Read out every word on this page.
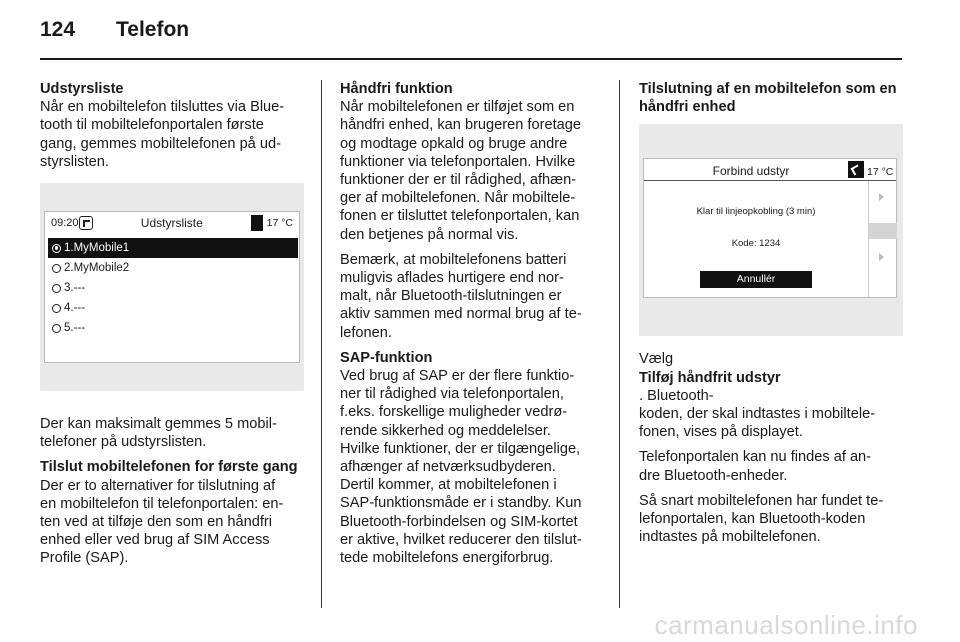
124	Telefon
Udstyrsliste
Når en mobiltelefon tilsluttes via Blue-
tooth til mobiltelefonportalen første
gang, gemmes mobiltelefonen på ud-
styrslisten.
09:20	Udstyrsliste	17 °C
1.MyMobile1
2.MyMobile2
3.---
4.---
5.---
Der kan maksimalt gemmes 5 mobil-
telefoner på udstyrslisten.
Tilslut mobiltelefonen for første gang
Der er to alternativer for tilslutning af
en mobiltelefon til telefonportalen: en-
ten ved at tilføje den som en håndfri
enhed eller ved brug af SIM Access
Profile (SAP).
Håndfri funktion
Når mobiltelefonen er tilføjet som en
håndfri enhed, kan brugeren foretage
og modtage opkald og bruge andre
funktioner via telefonportalen. Hvilke
funktioner der er til rådighed, afhæn-
ger af mobiltelefonen. Når mobiltele-
fonen er tilsluttet telefonportalen, kan
den betjenes på normal vis.
Bemærk, at mobiltelefonens batteri
muligvis aflades hurtigere end nor-
malt, når Bluetooth-tilslutningen er
aktiv sammen med normal brug af te-
lefonen.
SAP-funktion
Ved brug af SAP er der flere funktio-
ner til rådighed via telefonportalen,
f.eks. forskellige muligheder vedrø-
rende sikkerhed og meddelelser.
Hvilke funktioner, der er tilgængelige,
afhænger af netværksudbyderen.
Dertil kommer, at mobiltelefonen i
SAP-funktionsmåde er i standby. Kun
Bluetooth-forbindelsen og SIM-kortet
er aktive, hvilket reducerer den tilslut-
tede mobiltelefons energiforbrug.
Tilslutning af en mobiltelefon som en
håndfri enhed
Forbind udstyr	17 °C
Klar til linjeopkobling (3 min)
Kode: 1234
Annullér
Vælg
Tilføj håndfrit udstyr
. Bluetooth-
koden, der skal indtastes i mobiltele-
fonen, vises på displayet.
Telefonportalen kan nu findes af an-
dre Bluetooth-enheder.
Så snart mobiltelefonen har fundet te-
lefonportalen, kan Bluetooth-koden
indtastes på mobiltelefonen.
carmanualsonline.info
